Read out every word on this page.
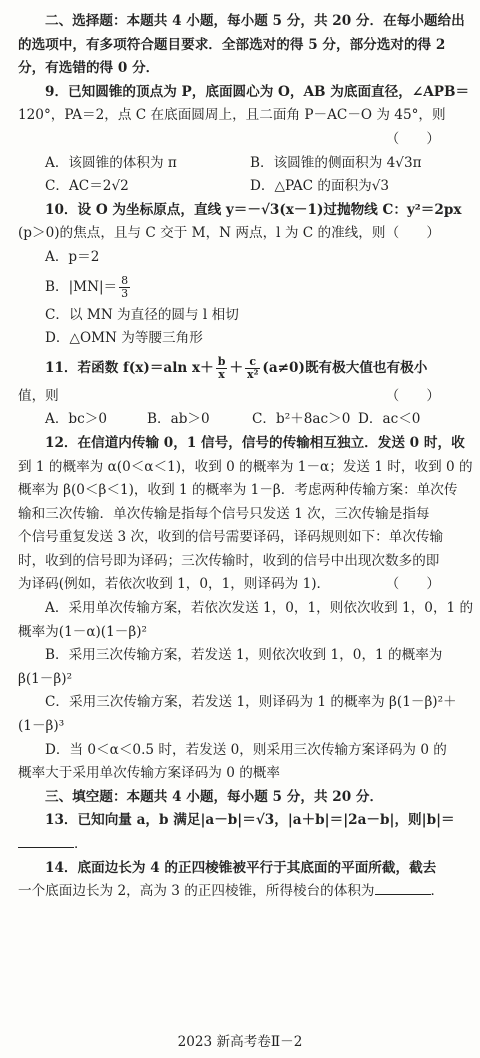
二、选择题：本题共 4 小题，每小题 5 分，共 20 分．在每小题给出

的选项中，有多项符合题目要求．全部选对的得 5 分，部分选对的得 2

分，有选错的得 0 分．

9．已知圆锥的顶点为 P，底面圆心为 O，AB 为底面直径，∠APB＝

120°，PA＝2，点 C 在底面圆周上，且二面角 P－AC－O 为 45°，则

（　　）

A．该圆锥的体积为 π	B．该圆锥的侧面积为 4√3π
C．AC＝2√2	D．△PAC 的面积为√3

10．设 O 为坐标原点，直线 y＝－√3(x－1)过抛物线 C：y²＝2px

(p＞0)的焦点，且与 C 交于 M，N 两点，l 为 C 的准线，则 （　　）

A．p＝2

B．$|MN|= \frac{8}{3}$

C．以 MN 为直径的圆与 l 相切

D．△OMN 为等腰三角形

11．若函数 f(x)＝aln $x+ \frac{b}{x} + \frac{c}{\text{x²}} (a\ne 0)$既有极大值也有极小

值，则	（　　）
A．bc＞0	B．ab＞0	C．b²＋8ac＞0 D．ac＜0

12．在信道内传输 0，1 信号，信号的传输相互独立．发送 0 时，收

到 1 的概率为 α(0＜α＜1)，收到 0 的概率为 1－α；发送 1 时，收到 0 的

概率为 β(0＜β＜1)，收到 1 的概率为 1－β．考虑两种传输方案：单次传

输和三次传输．单次传输是指每个信号只发送 1 次，三次传输是指每

个信号重复发送 3 次，收到的信号需要译码，译码规则如下：单次传输

时，收到的信号即为译码；三次传输时，收到的信号中出现次数多的即

为译码(例如，若依次收到 1，0，1，则译码为 1)．	（　　）

A．采用单次传输方案，若依次发送 1，0，1，则依次收到 1，0，1 的

概率为(1－α)(1－β)²

B．采用三次传输方案，若发送 1，则依次收到 1，0，1 的概率为

β(1－β)²

C．采用三次传输方案，若发送 1，则译码为 1 的概率为 β(1－β)²＋

(1－β)³

D．当 0＜α＜0.5 时，若发送 0，则采用三次传输方案译码为 0 的

概率大于采用单次传输方案译码为 0 的概率

三、填空题：本题共 4 小题，每小题 5 分，共 20 分．

13．已知向量 a，b 满足|a－b|＝√3，|a＋b|＝|2a－b|，则|b|＝

．

14．底面边长为 4 的正四棱锥被平行于其底面的平面所截，截去

一个底面边长为 2，高为 3 的正四棱锥，所得棱台的体积为	．

2023 新高考卷Ⅱ－2
